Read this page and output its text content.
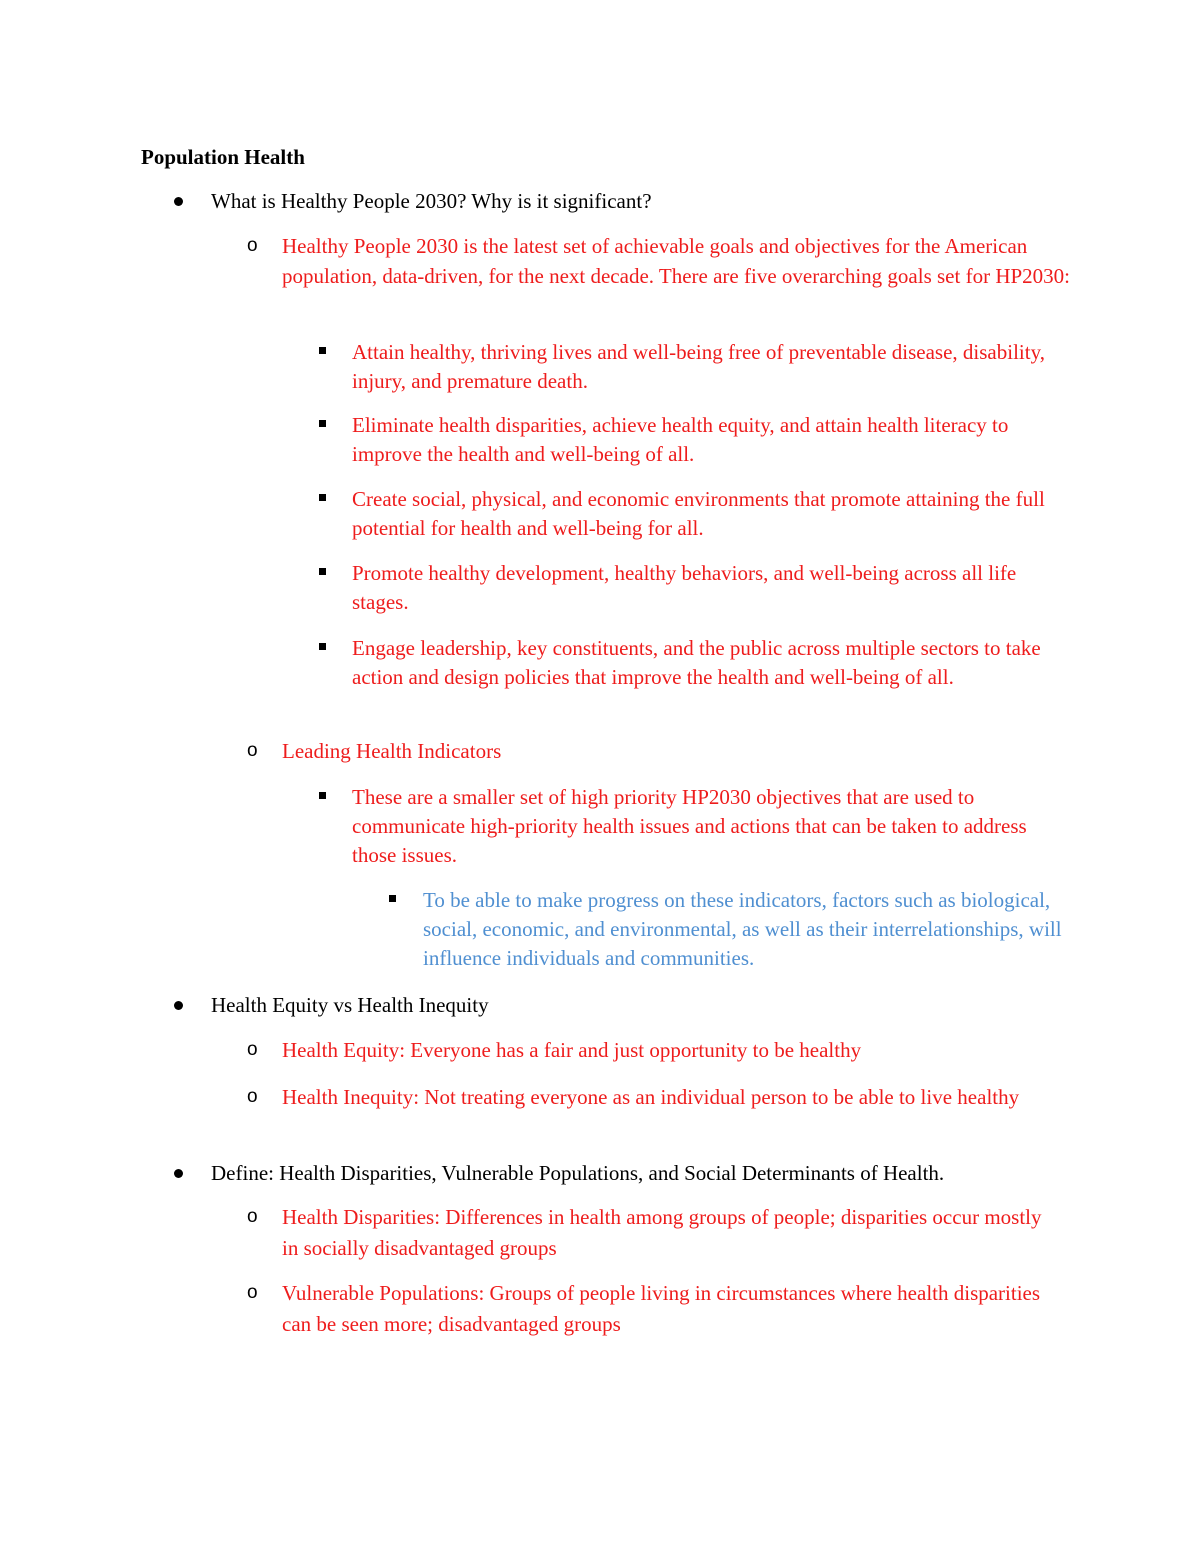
Population Health
What is Healthy People 2030? Why is it significant?
o Healthy People 2030 is the latest set of achievable goals and objectives for the American population, data-driven, for the next decade. There are five overarching goals set for HP2030:
Attain healthy, thriving lives and well-being free of preventable disease, disability, injury, and premature death.
Eliminate health disparities, achieve health equity, and attain health literacy to improve the health and well-being of all.
Create social, physical, and economic environments that promote attaining the full potential for health and well-being for all.
Promote healthy development, healthy behaviors, and well-being across all life stages.
Engage leadership, key constituents, and the public across multiple sectors to take action and design policies that improve the health and well-being of all.
o Leading Health Indicators
These are a smaller set of high priority HP2030 objectives that are used to communicate high-priority health issues and actions that can be taken to address those issues.
To be able to make progress on these indicators, factors such as biological, social, economic, and environmental, as well as their interrelationships, will influence individuals and communities.
Health Equity vs Health Inequity
o Health Equity: Everyone has a fair and just opportunity to be healthy
o Health Inequity: Not treating everyone as an individual person to be able to live healthy
Define: Health Disparities, Vulnerable Populations, and Social Determinants of Health.
o Health Disparities: Differences in health among groups of people; disparities occur mostly in socially disadvantaged groups
o Vulnerable Populations: Groups of people living in circumstances where health disparities can be seen more; disadvantaged groups
